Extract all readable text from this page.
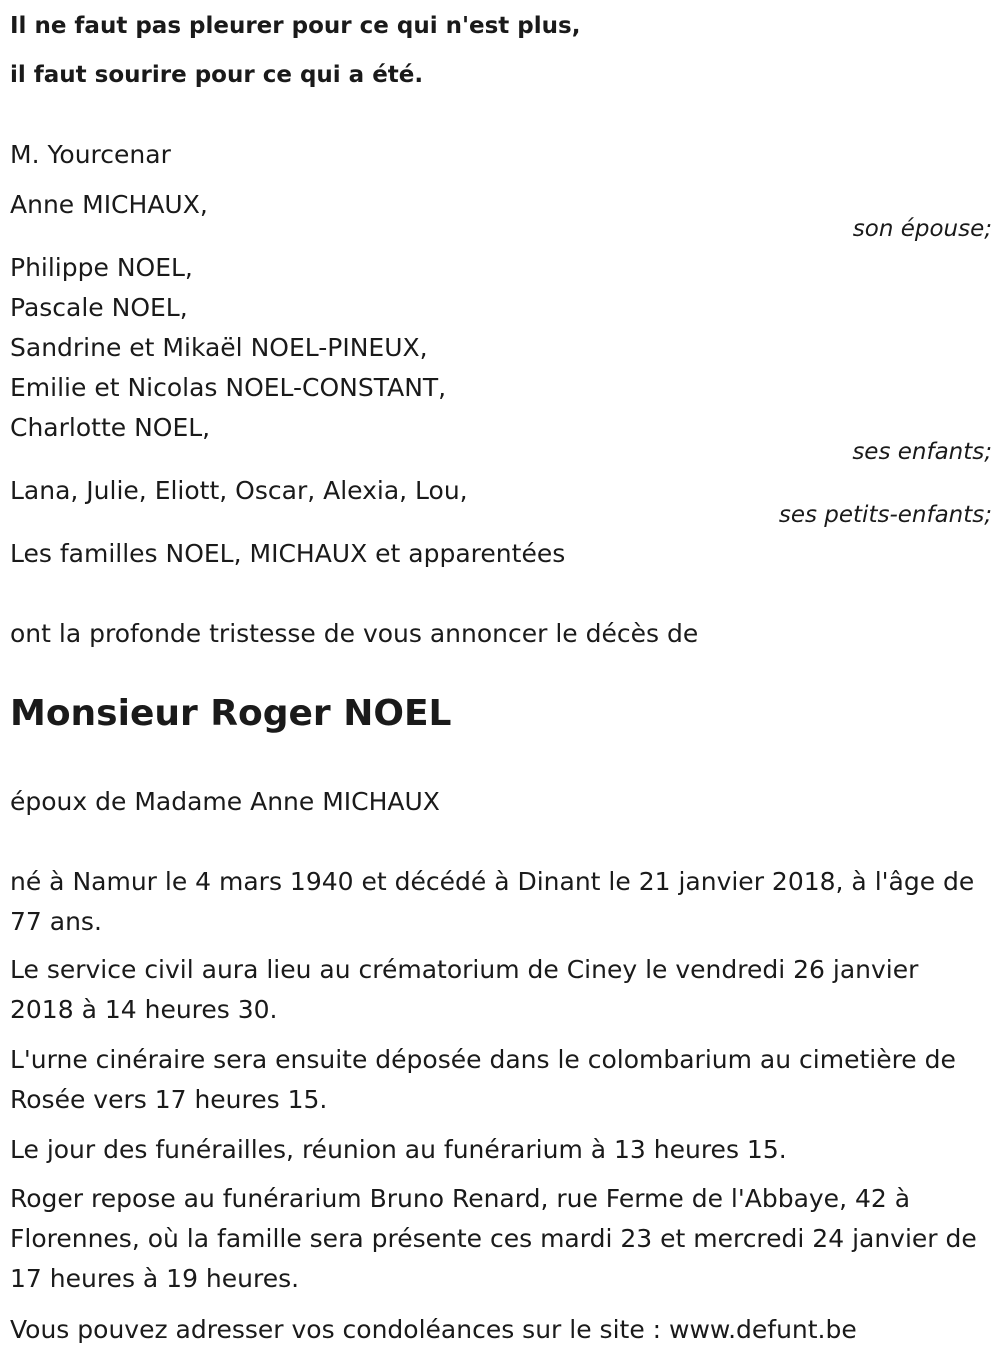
Il ne faut pas pleurer pour ce qui n'est plus,
il faut sourire pour ce qui a été.
M. Yourcenar
Anne MICHAUX,
son épouse;
Philippe NOEL,
Pascale NOEL,
Sandrine et Mikaël NOEL-PINEUX,
Emilie et Nicolas NOEL-CONSTANT,
Charlotte NOEL,
ses enfants;
Lana, Julie, Eliott, Oscar, Alexia, Lou,
ses petits-enfants;
Les familles NOEL, MICHAUX et apparentées
ont la profonde tristesse de vous annoncer le décès de
Monsieur Roger NOEL
époux de Madame Anne MICHAUX
né à Namur le 4 mars 1940 et décédé à Dinant le 21 janvier 2018, à l'âge de 77 ans.
Le service civil aura lieu au crématorium de Ciney le vendredi 26 janvier 2018 à 14 heures 30.
L'urne cinéraire sera ensuite déposée dans le colombarium au cimetière de Rosée vers 17 heures 15.
Le jour des funérailles, réunion au funérarium à 13 heures 15.
Roger repose au funérarium Bruno Renard, rue Ferme de l'Abbaye, 42 à Florennes, où la famille sera présente ces mardi 23 et mercredi 24 janvier de 17 heures à 19 heures.
Vous pouvez adresser vos condoléances sur le site : www.defunt.be
